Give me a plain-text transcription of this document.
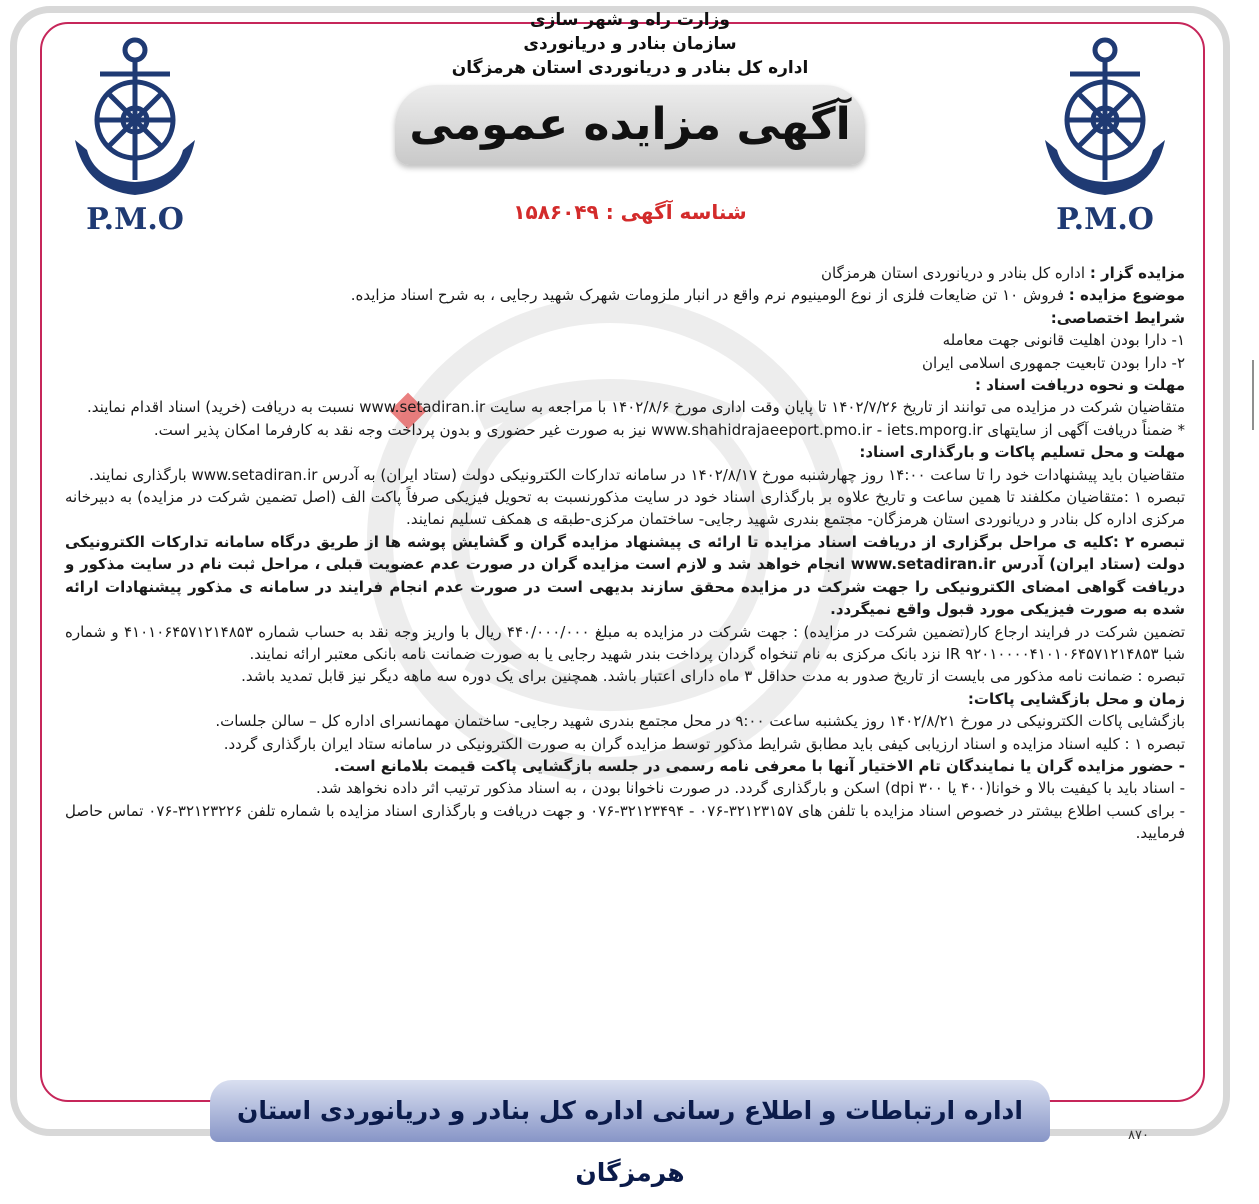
P.M.O
P.M.O
وزارت راه و شهر سازی
سازمان بنادر و دریانوردی
اداره کل بنادر و دریانوردی استان هرمزگان
آگهی مزایده عمومی
شناسه آگهی : ۱۵۸۶۰۴۹

مزایده گزار : اداره کل بنادر و دریانوردی استان هرمزگان

موضوع مزایده : فروش ۱۰ تن ضایعات فلزی از نوع الومینیوم نرم واقع در انبار ملزومات شهرک شهید رجایی ، به شرح اسناد مزایده.

شرایط اختصاصی:

۱- دارا بودن اهلیت قانونی جهت معامله

۲- دارا بودن تابعیت جمهوری اسلامی ایران

مهلت و نحوه دریافت اسناد :

متقاضیان شرکت در مزایده می توانند از تاریخ ۱۴۰۲/۷/۲۶ تا پایان وقت اداری مورخ ۱۴۰۲/۸/۶ با مراجعه به سایت www.setadiran.ir نسبت به دریافت (خرید) اسناد اقدام نمایند.

* ضمناً دریافت آگهی از سایتهای www.shahidrajaeeport.pmo.ir - iets.mporg.ir نیز به صورت غیر حضوری و بدون پرداخت وجه نقد به کارفرما امکان پذیر است.

مهلت و محل تسلیم پاکات و بارگذاری اسناد:

متقاضیان باید پیشنهادات خود را تا ساعت ۱۴:۰۰ روز چهارشنبه مورخ ۱۴۰۲/۸/۱۷ در سامانه تدارکات الکترونیکی دولت (ستاد ایران) به آدرس www.setadiran.ir بارگذاری نمایند.

تبصره ۱ :متقاضیان مکلفند تا همین ساعت و تاریخ علاوه بر بارگذاری اسناد خود در سایت مذکورنسبت به تحویل فیزیکی صرفاً پاکت الف (اصل تضمین شرکت در مزایده) به دبیرخانه مرکزی اداره کل بنادر و دریانوردی استان هرمزگان- مجتمع بندری شهید رجایی- ساختمان مرکزی-طبقه ی همکف تسلیم نمایند.

تبصره ۲ :کلیه ی مراحل برگزاری از دریافت اسناد مزایده تا ارائه ی پیشنهاد مزایده گران و گشایش پوشه ها از طریق درگاه سامانه تدارکات الکترونیکی دولت (ستاد ایران) آدرس www.setadiran.ir انجام خواهد شد و لازم است مزایده گران در صورت عدم عضویت قبلی ، مراحل ثبت نام در سایت مذکور و دریافت گواهی امضای الکترونیکی را جهت شرکت در مزایده محقق سازند بدیهی است در صورت عدم انجام فرایند در سامانه ی مذکور پیشنهادات ارائه شده به صورت فیزیکی مورد قبول واقع نمیگردد.

تضمین شرکت در فرایند ارجاع کار(تضمین شرکت در مزایده) : جهت شرکت در مزایده به مبلغ ۴۴۰/۰۰۰/۰۰۰ ریال با واریز وجه نقد به حساب شماره ۴۱۰۱۰۶۴۵۷۱۲۱۴۸۵۳ و شماره شبا IR ۹۲۰۱۰۰۰۰۴۱۰۱۰۶۴۵۷۱۲۱۴۸۵۳ نزد بانک مرکزی به نام تنخواه گردان پرداخت بندر شهید رجایی یا به صورت ضمانت نامه بانکی معتبر ارائه نمایند.

تبصره : ضمانت نامه مذکور می بایست از تاریخ صدور به مدت حداقل ۳ ماه دارای اعتبار باشد. همچنین برای یک دوره سه ماهه دیگر نیز قابل تمدید باشد.

زمان و محل بازگشایی پاکات:

بازگشایی پاکات الکترونیکی در مورخ ۱۴۰۲/۸/۲۱ روز یکشنبه ساعت ۹:۰۰ در محل مجتمع بندری شهید رجایی- ساختمان مهمانسرای اداره کل – سالن جلسات.

تبصره ۱ : کلیه اسناد مزایده و اسناد ارزیابی کیفی باید مطابق شرایط مذکور توسط مزایده گران به صورت الکترونیکی در سامانه ستاد ایران بارگذاری گردد.

- حضور مزایده گران یا نمایندگان تام الاختیار آنها با معرفی نامه رسمی در جلسه بازگشایی پاکت قیمت بلامانع است.

- اسناد باید با کیفیت بالا و خوانا(۴۰۰ یا ۳۰۰ dpi) اسکن و بارگذاری گردد. در صورت ناخوانا بودن ، به اسناد مذکور ترتیب اثر داده نخواهد شد.

- برای کسب اطلاع بیشتر در خصوص اسناد مزایده با تلفن های ۳۲۱۲۳۱۵۷-۰۷۶ - ۳۲۱۲۳۴۹۴-۰۷۶ و جهت دریافت و بارگذاری اسناد مزایده با شماره تلفن ۳۲۱۲۳۲۲۶-۰۷۶ تماس حاصل فرمایید.

اداره ارتباطات و اطلاع رسانی اداره کل بنادر و دریانوردی استان هرمزگان
۸۷۰
